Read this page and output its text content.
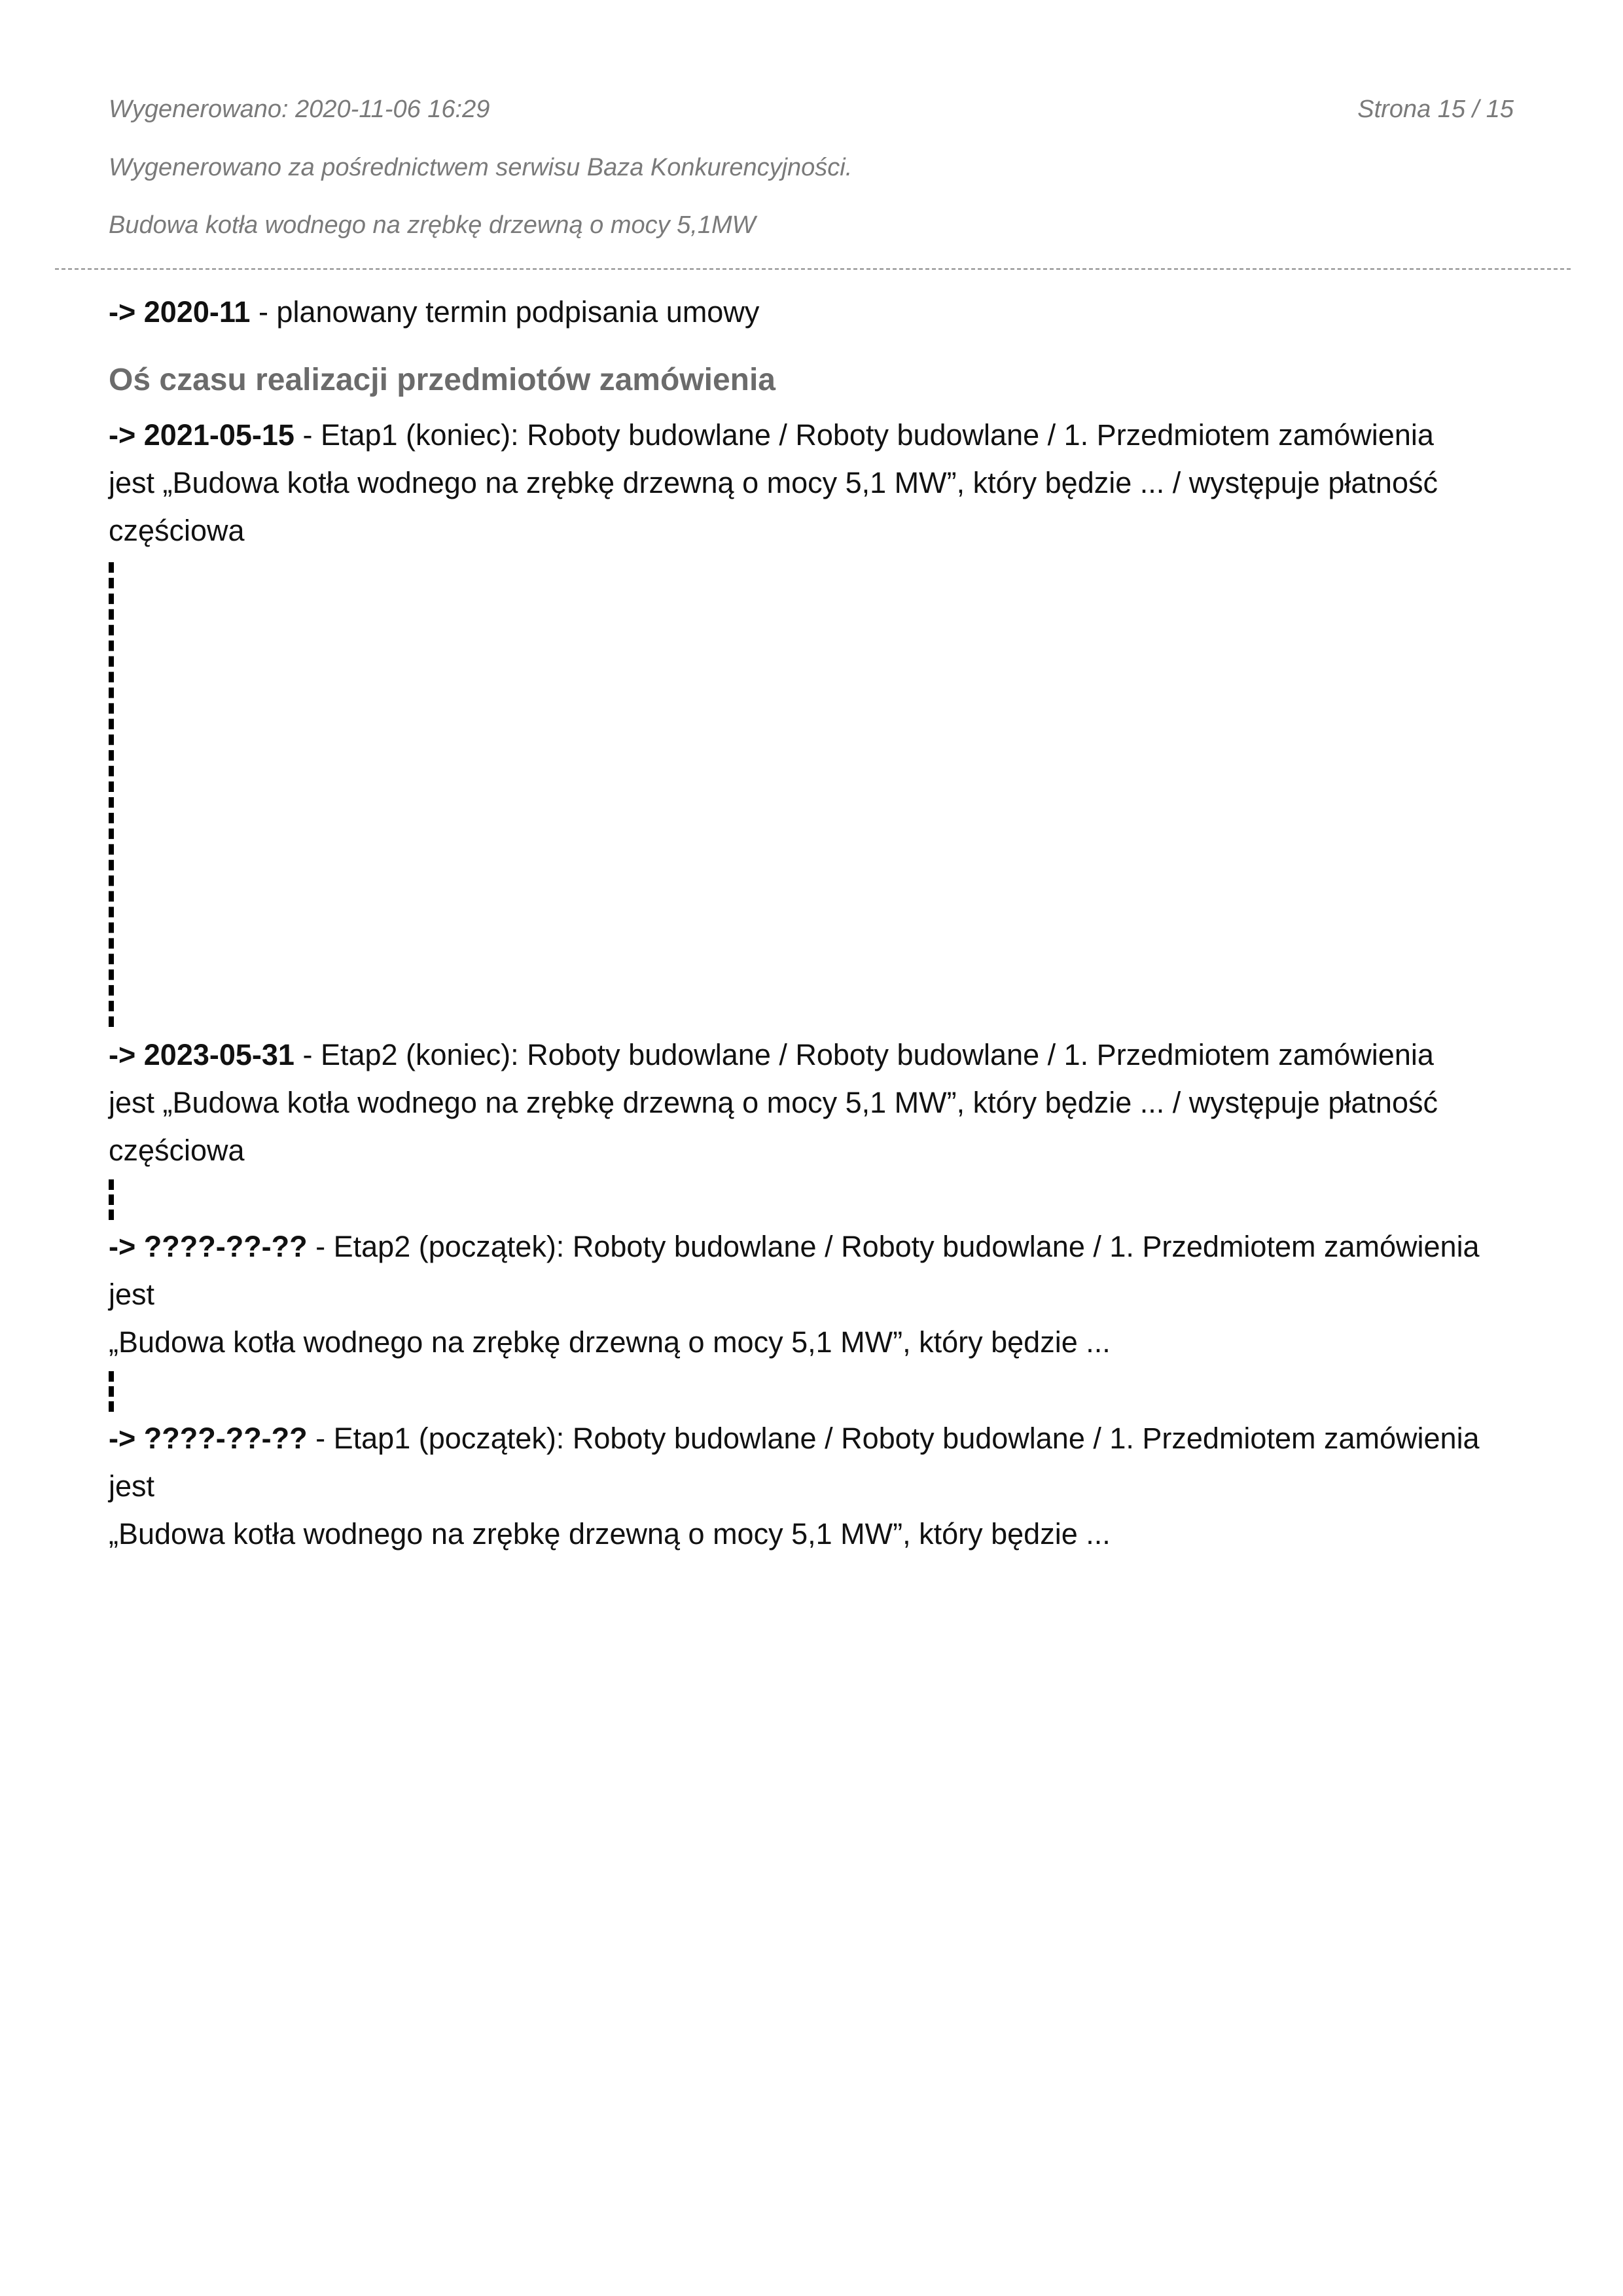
Wygenerowano: 2020-11-06 16:29	Strona 15 / 15
Wygenerowano za pośrednictwem serwisu Baza Konkurencyjności.
Budowa kotła wodnego na zrębkę drzewną o mocy 5,1MW

-> 2020-11 - planowany termin podpisania umowy

Oś czasu realizacji przedmiotów zamówienia

-> 2021-05-15 - Etap1 (koniec): Roboty budowlane / Roboty budowlane / 1. Przedmiotem zamówienia

jest „Budowa kotła wodnego na zrębkę drzewną o mocy 5,1 MW”, który będzie ... / występuje płatność

częściowa

-> 2023-05-31 - Etap2 (koniec): Roboty budowlane / Roboty budowlane / 1. Przedmiotem zamówienia

jest „Budowa kotła wodnego na zrębkę drzewną o mocy 5,1 MW”, który będzie ... / występuje płatność

częściowa

-> ????-??-?? - Etap2 (początek): Roboty budowlane / Roboty budowlane / 1. Przedmiotem zamówienia jest

„Budowa kotła wodnego na zrębkę drzewną o mocy 5,1 MW”, który będzie ...

-> ????-??-?? - Etap1 (początek): Roboty budowlane / Roboty budowlane / 1. Przedmiotem zamówienia jest

„Budowa kotła wodnego na zrębkę drzewną o mocy 5,1 MW”, który będzie ...
